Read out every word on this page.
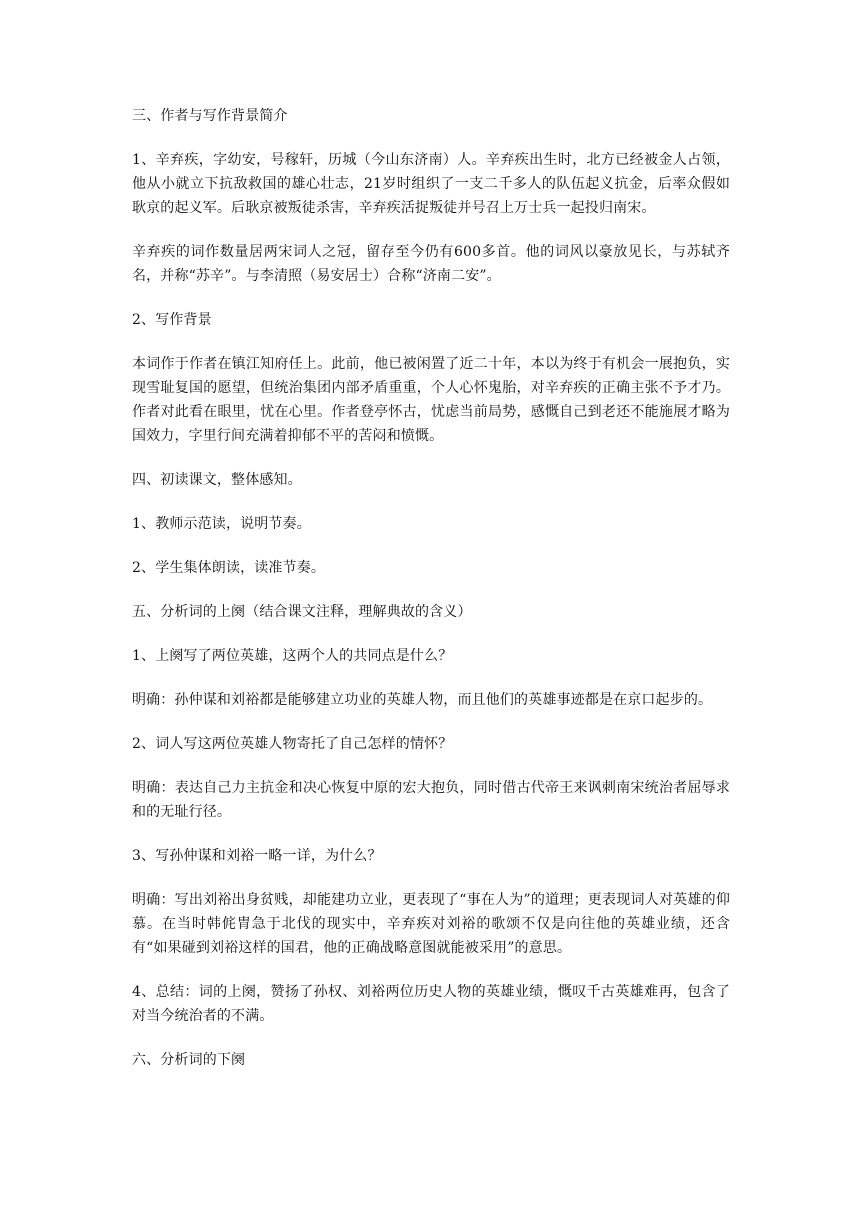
三、作者与写作背景简介

1、辛弃疾，字幼安，号稼轩，历城（今山东济南）人。辛弃疾出生时，北方已经被金人占领，他从小就立下抗敌救国的雄心壮志，21岁时组织了一支二千多人的队伍起义抗金，后率众假如耿京的起义军。后耿京被叛徒杀害，辛弃疾活捉叛徒并号召上万士兵一起投归南宋。

辛弃疾的词作数量居两宋词人之冠，留存至今仍有600多首。他的词风以豪放见长，与苏轼齐名，并称“苏辛”。与李清照（易安居士）合称“济南二安”。

2、写作背景

本词作于作者在镇江知府任上。此前，他已被闲置了近二十年，本以为终于有机会一展抱负，实现雪耻复国的愿望，但统治集团内部矛盾重重，个人心怀鬼胎，对辛弃疾的正确主张不予才乃。作者对此看在眼里，忧在心里。作者登亭怀古，忧虑当前局势，感慨自己到老还不能施展才略为国效力，字里行间充满着抑郁不平的苦闷和愤慨。

四、初读课文，整体感知。

1、教师示范读，说明节奏。

2、学生集体朗读，读准节奏。

五、分析词的上阕（结合课文注释，理解典故的含义）

1、上阕写了两位英雄，这两个人的共同点是什么？

明确：孙仲谋和刘裕都是能够建立功业的英雄人物，而且他们的英雄事迹都是在京口起步的。

2、词人写这两位英雄人物寄托了自己怎样的情怀？

明确：表达自己力主抗金和决心恢复中原的宏大抱负，同时借古代帝王来讽刺南宋统治者屈辱求和的无耻行径。

3、写孙仲谋和刘裕一略一详，为什么？

明确：写出刘裕出身贫贱，却能建功立业，更表现了“事在人为”的道理；更表现词人对英雄的仰慕。在当时韩侂胄急于北伐的现实中，辛弃疾对刘裕的歌颂不仅是向往他的英雄业绩，还含有“如果碰到刘裕这样的国君，他的正确战略意图就能被采用”的意思。

4、总结：词的上阕，赞扬了孙权、刘裕两位历史人物的英雄业绩，慨叹千古英雄难再，包含了对当今统治者的不满。

六、分析词的下阕
